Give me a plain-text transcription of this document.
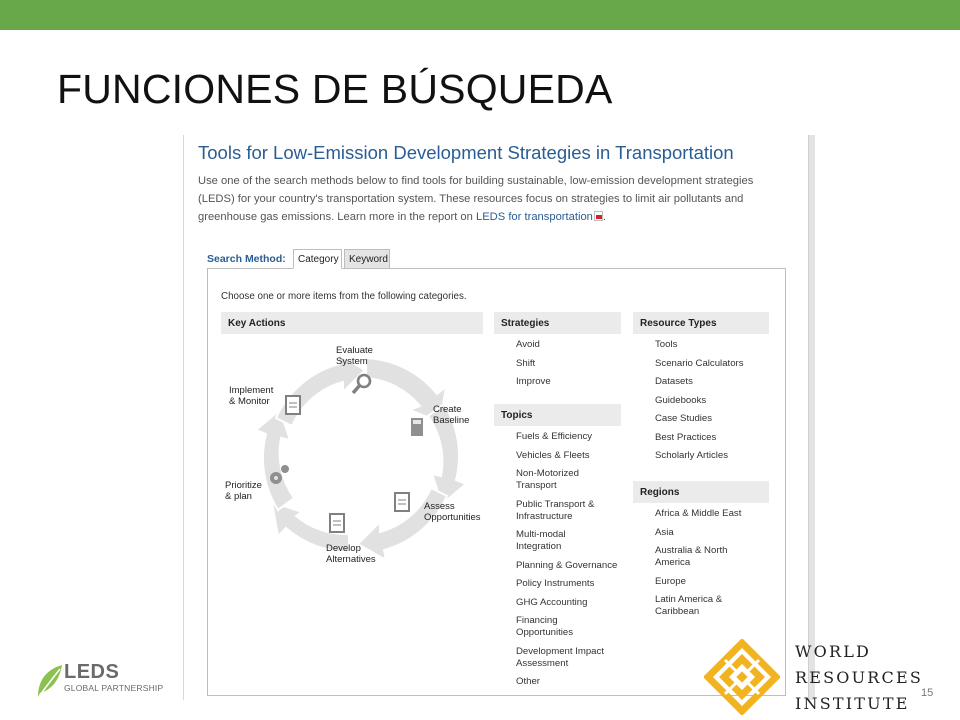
FUNCIONES DE BÚSQUEDA
Tools for Low-Emission Development Strategies in Transportation
Use one of the search methods below to find tools for building sustainable, low-emission development strategies (LEDS) for your country's transportation system. These resources focus on strategies to limit air pollutants and greenhouse gas emissions. Learn more in the report on LEDS for transportation .
Search Method:	Category	Keyword
Choose one or more items from the following categories.
Key Actions
Evaluate
System
Create
Baseline
Assess
Opportunities
Develop
Alternatives
Prioritize
& plan
Implement
& Monitor
Strategies
Avoid
Shift
Improve
Topics
Fuels & Efficiency
Vehicles & Fleets
Non-Motorized Transport
Public Transport & Infrastructure
Multi-modal Integration
Planning & Governance
Policy Instruments
GHG Accounting
Financing Opportunities
Development Impact Assessment
Other
Resource Types
Tools
Scenario Calculators
Datasets
Guidebooks
Case Studies
Best Practices
Scholarly Articles
Regions
Africa & Middle East
Asia
Australia & North America
Europe
Latin America & Caribbean
LEDS
GLOBAL PARTNERSHIP
WORLD
RESOURCES
INSTITUTE
15
